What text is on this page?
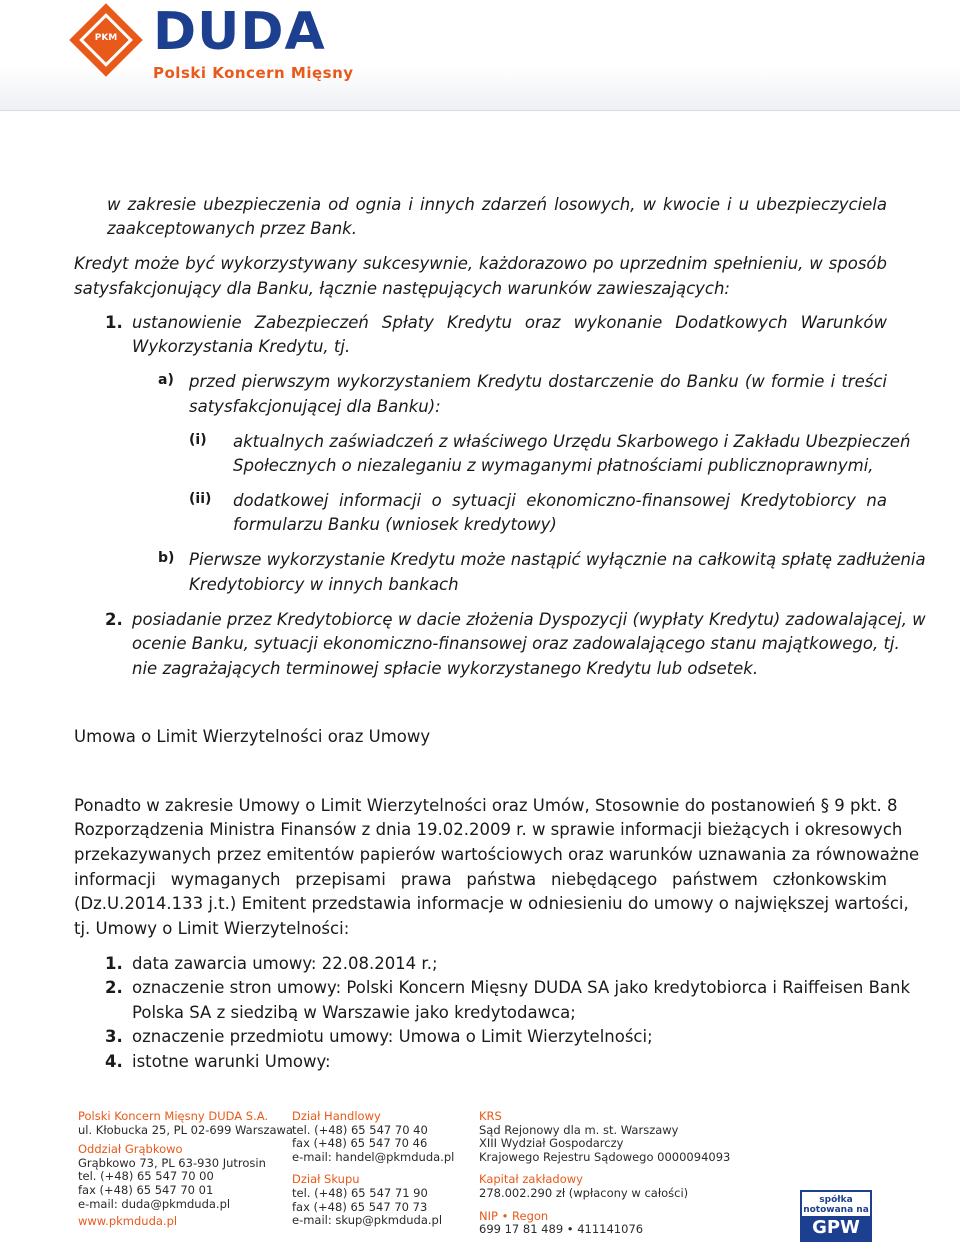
PKM DUDA
Polski Koncern Mięsny
w zakresie ubezpieczenia od ognia i innych zdarzeń losowych, w kwocie i u ubezpieczyciela
zaakceptowanych przez Bank.
Kredyt może być wykorzystywany sukcesywnie, każdorazowo po uprzednim spełnieniu, w sposób
satysfakcjonujący dla Banku, łącznie następujących warunków zawieszających:
1. ustanowienie Zabezpieczeń Spłaty Kredytu oraz wykonanie Dodatkowych Warunków
Wykorzystania Kredytu, tj.
a) przed pierwszym wykorzystaniem Kredytu dostarczenie do Banku (w formie i treści
satysfakcjonującej dla Banku):
(i) aktualnych zaświadczeń z właściwego Urzędu Skarbowego i Zakładu Ubezpieczeń
Społecznych o niezaleganiu z wymaganymi płatnościami publicznoprawnymi,
(ii) dodatkowej informacji o sytuacji ekonomiczno-finansowej Kredytobiorcy na
formularzu Banku (wniosek kredytowy)
b) Pierwsze wykorzystanie Kredytu może nastąpić wyłącznie na całkowitą spłatę zadłużenia
Kredytobiorcy w innych bankach
2. posiadanie przez Kredytobiorcę w dacie złożenia Dyspozycji (wypłaty Kredytu) zadowalającej, w
ocenie Banku, sytuacji ekonomiczno-finansowej oraz zadowalającego stanu majątkowego, tj.
nie zagrażających terminowej spłacie wykorzystanego Kredytu lub odsetek.
Umowa o Limit Wierzytelności oraz Umowy
Ponadto w zakresie Umowy o Limit Wierzytelności oraz Umów, Stosownie do postanowień § 9 pkt. 8
Rozporządzenia Ministra Finansów z dnia 19.02.2009 r. w sprawie informacji bieżących i okresowych
przekazywanych przez emitentów papierów wartościowych oraz warunków uznawania za równoważne
informacji wymaganych przepisami prawa państwa niebędącego państwem członkowskim
(Dz.U.2014.133 j.t.) Emitent przedstawia informacje w odniesieniu do umowy o największej wartości,
tj. Umowy o Limit Wierzytelności:
1. data zawarcia umowy: 22.08.2014 r.;
2. oznaczenie stron umowy: Polski Koncern Mięsny DUDA SA jako kredytobiorca i Raiffeisen Bank
Polska SA z siedzibą w Warszawie jako kredytodawca;
3. oznaczenie przedmiotu umowy: Umowa o Limit Wierzytelności;
4. istotne warunki Umowy:
Polski Koncern Mięsny DUDA S.A.
ul. Kłobucka 25, PL 02-699 Warszawa
Oddział Grąbkowo
Grąbkowo 73, PL 63-930 Jutrosin
tel. (+48) 65 547 70 00
fax (+48) 65 547 70 01
e-mail: duda@pkmduda.pl
www.pkmduda.pl
Dział Handlowy
tel. (+48) 65 547 70 40
fax (+48) 65 547 70 46
e-mail: handel@pkmduda.pl
Dział Skupu
tel. (+48) 65 547 71 90
fax (+48) 65 547 70 73
e-mail: skup@pkmduda.pl
KRS
Sąd Rejonowy dla m. st. Warszawy
XIII Wydział Gospodarczy
Krajowego Rejestru Sądowego 0000094093
Kapitał zakładowy
278.002.290 zł (wpłacony w całości)
NIP • Regon
699 17 81 489 • 411141076
spółka notowana na
GPW
